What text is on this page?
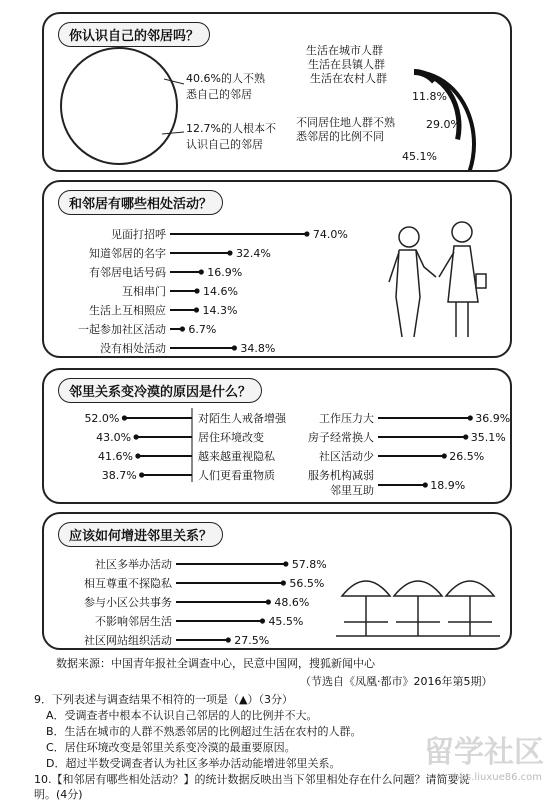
你认识自己的邻居吗？
40.6%的人不熟
悉自己的邻居
12.7%的人根本不
认识自己的邻居
生活在城市人群
45.1%
生活在县镇人群
29.0%
生活在农村人群
11.8%
不同居住地人群不熟
悉邻居的比例不同
和邻居有哪些相处活动？
见面打招呼	74.0%
知道邻居的名字	32.4%
有邻居电话号码	16.9%
互相串门	14.6%
生活上互相照应	14.3%
一起参加社区活动 6.7%
没有相处活动	34.8%
邻里关系变冷漠的原因是什么？
52.0%	对陌生人戒备增强
43.0%	居住环境改变
41.6%	越来越重视隐私
38.7%	人们更看重物质
工作压力大	36.9%
房子经常换人	35.1%
社区活动少	26.5%
服务机构减弱
邻里互助	18.9%
应该如何增进邻里关系？
社区多举办活动	57.8%
相互尊重不探隐私	56.5%
参与小区公共事务	48.6%
不影响邻居生活	45.5%
社区网站组织活动	27.5%
数据来源：中国青年报社全调查中心，民意中国网，搜狐新闻中心
（节选自《凤凰·都市》2016年第5期）
9．下列表述与调查结果不相符的一项是（▲）（3分）
A．受调查者中根本不认识自己邻居的人的比例并不大。
B．生活在城市的人群不熟悉邻居的比例超过生活在农村的人群。
C．居住环境改变是邻里关系变冷漠的最重要原因。
D．超过半数受调查者认为社区多举办活动能增进邻里关系。
10.【和邻居有哪些相处活动？】的统计数据反映出当下邻里相处存在什么问题？请简要说
明。(4分)
留学社区
bbs.liuxue86.com
